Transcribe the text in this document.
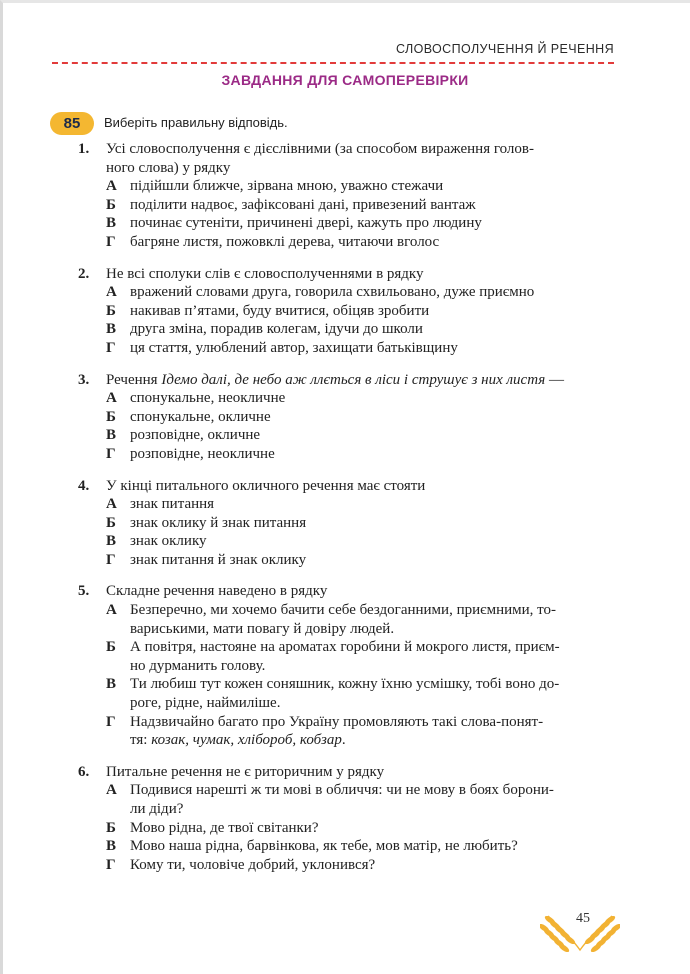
СЛОВОСПОЛУЧЕННЯ Й РЕЧЕННЯ
ЗАВДАННЯ ДЛЯ САМОПЕРЕВІРКИ
85	Виберіть правильну відповідь.
1. Усі словосполучення є дієслівними (за способом вираження голов-
ного слова) у рядку
А підійшли ближче, зірвана мною, уважно стежачи
Б поділити надвоє, зафіксовані дані, привезений вантаж
В починає сутеніти, причинені двері, кажуть про людину
Г багряне листя, пожовклі дерева, читаючи вголос
2. Не всі сполуки слів є словосполученнями в рядку
А вражений словами друга, говорила схвильовано, дуже приємно
Б накивав п’ятами, буду вчитися, обіцяв зробити
В друга зміна, порадив колегам, ідучи до школи
Г ця стаття, улюблений автор, захищати батьківщину
3. Речення Ідемо далі, де небо аж ллється в ліси і струшує з них листя —
А спонукальне, неокличне
Б спонукальне, окличне
В розповідне, окличне
Г розповідне, неокличне
4. У кінці питального окличного речення має стояти
А знак питання
Б знак оклику й знак питання
В знак оклику
Г знак питання й знак оклику
5. Складне речення наведено в рядку
А Безперечно, ми хочемо бачити себе бездоганними, приємними, то-
вариськими, мати повагу й довіру людей.
Б А повітря, настояне на ароматах горобини й мокрого листя, приєм-
но дурманить голову.
В Ти любиш тут кожен соняшник, кожну їхню усмішку, тобі воно до-
роге, рідне, наймиліше.
Г Надзвичайно багато про Україну промовляють такі слова-понят-
тя: козак, чумак, хлібороб, кобзар.
6. Питальне речення не є риторичним у рядку
А Подивися нарешті ж ти мові в обличчя: чи не мову в боях борони-
ли діди?
Б Мово рідна, де твої світанки?
В Мово наша рідна, барвінкова, як тебе, мов матір, не любить?
Г Кому ти, чоловіче добрий, уклонився?
45
